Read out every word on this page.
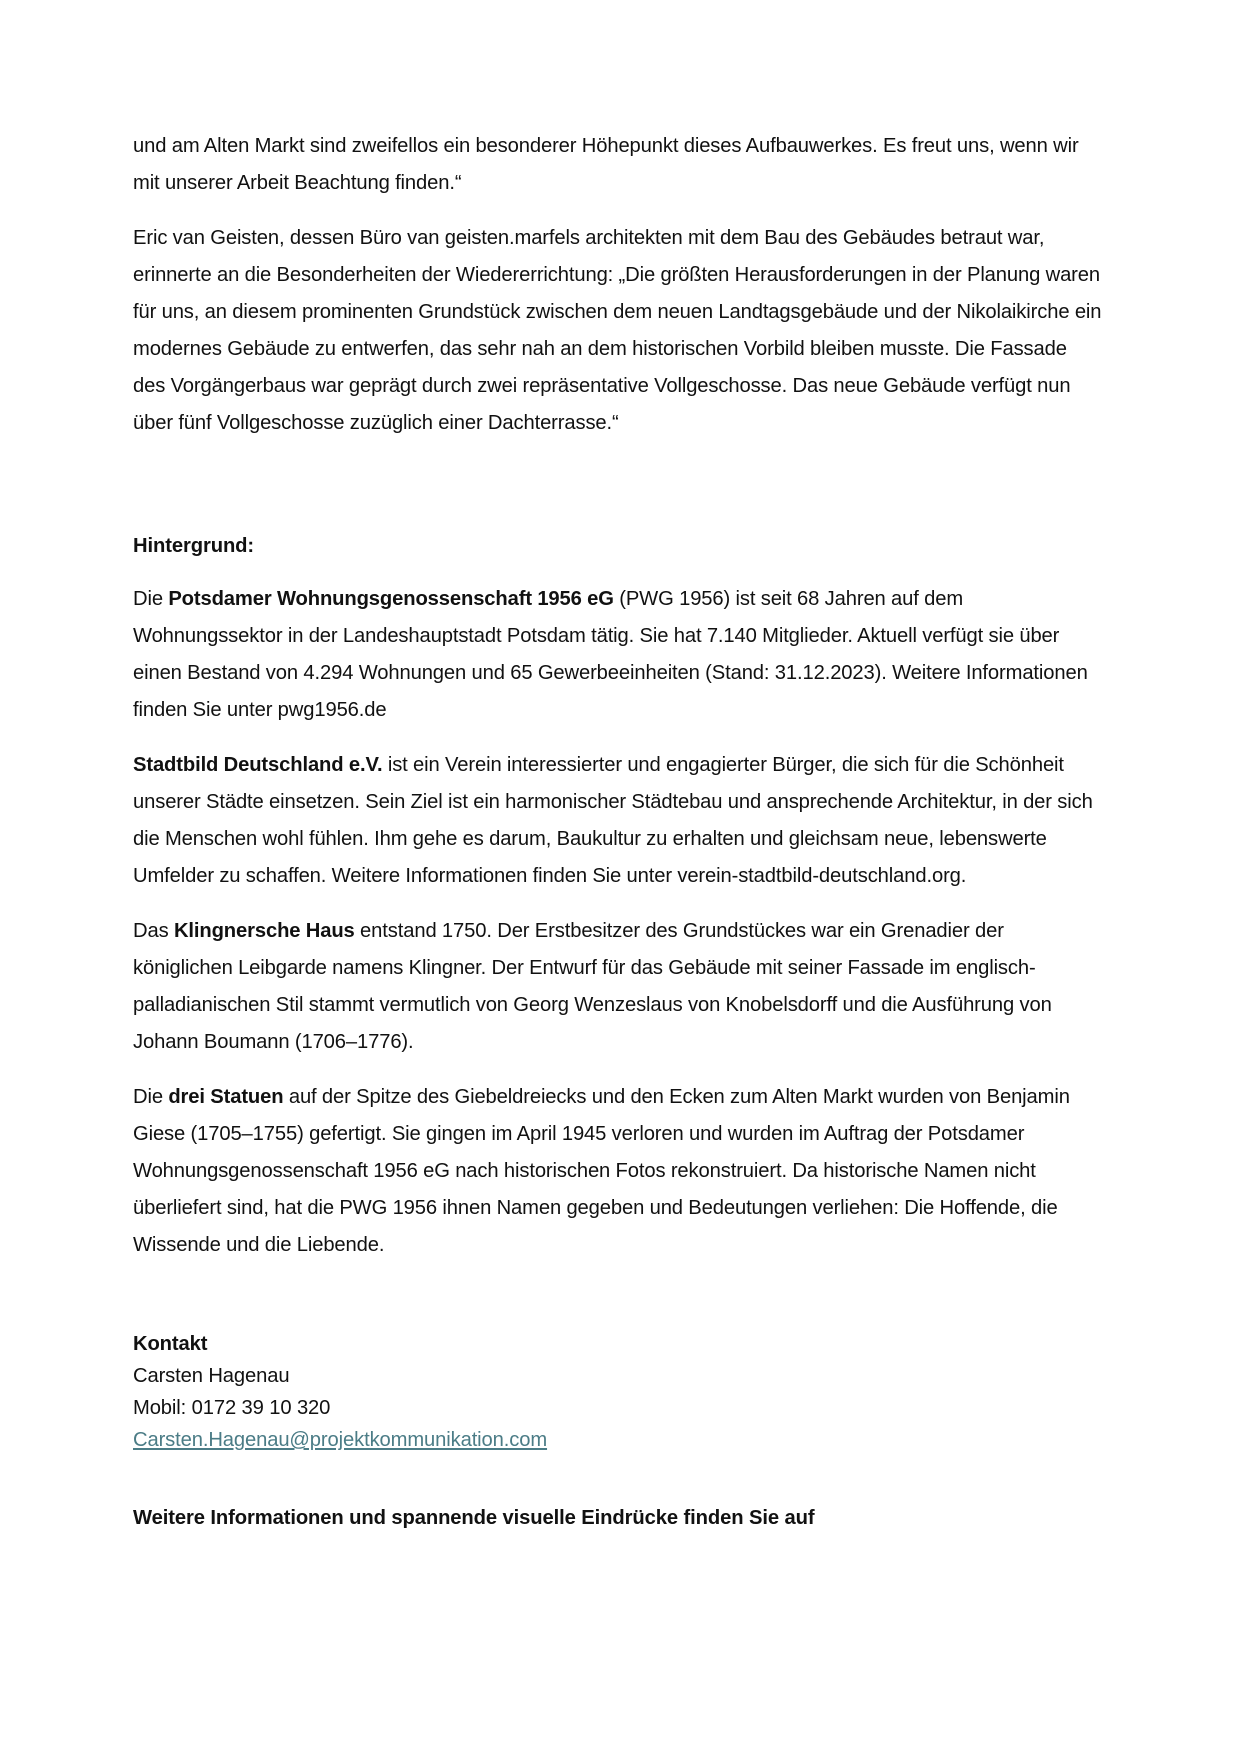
und am Alten Markt sind zweifellos ein besonderer Höhepunkt dieses Aufbauwerkes. Es freut uns, wenn wir mit unserer Arbeit Beachtung finden.“

Eric van Geisten, dessen Büro van geisten.marfels architekten mit dem Bau des Gebäudes betraut war, erinnerte an die Besonderheiten der Wiedererrichtung: „Die größten Herausforderungen in der Planung waren für uns, an diesem prominenten Grundstück zwischen dem neuen Landtagsgebäude und der Nikolaikirche ein modernes Gebäude zu entwerfen, das sehr nah an dem historischen Vorbild bleiben musste. Die Fassade des Vorgängerbaus war geprägt durch zwei repräsentative Vollgeschosse. Das neue Gebäude verfügt nun über fünf Vollgeschosse zuzüglich einer Dachterrasse.“

Hintergrund:

Die Potsdamer Wohnungsgenossenschaft 1956 eG (PWG 1956) ist seit 68 Jahren auf dem Wohnungssektor in der Landeshauptstadt Potsdam tätig. Sie hat 7.140 Mitglieder. Aktuell verfügt sie über einen Bestand von 4.294 Wohnungen und 65 Gewerbeeinheiten (Stand: 31.12.2023). Weitere Informationen finden Sie unter pwg1956.de

Stadtbild Deutschland e.V. ist ein Verein interessierter und engagierter Bürger, die sich für die Schönheit unserer Städte einsetzen. Sein Ziel ist ein harmonischer Städtebau und ansprechende Architektur, in der sich die Menschen wohl fühlen. Ihm gehe es darum, Baukultur zu erhalten und gleichsam neue, lebenswerte Umfelder zu schaffen. Weitere Informationen finden Sie unter verein-stadtbild-deutschland.org.

Das Klingnersche Haus entstand 1750. Der Erstbesitzer des Grundstückes war ein Grenadier der königlichen Leibgarde namens Klingner. Der Entwurf für das Gebäude mit seiner Fassade im englisch-palladianischen Stil stammt vermutlich von Georg Wenzeslaus von Knobelsdorff und die Ausführung von Johann Boumann (1706–1776).

Die drei Statuen auf der Spitze des Giebeldreiecks und den Ecken zum Alten Markt wurden von Benjamin Giese (1705–1755) gefertigt. Sie gingen im April 1945 verloren und wurden im Auftrag der Potsdamer Wohnungsgenossenschaft 1956 eG nach historischen Fotos rekonstruiert. Da historische Namen nicht überliefert sind, hat die PWG 1956 ihnen Namen gegeben und Bedeutungen verliehen: Die Hoffende, die Wissende und die Liebende.

Kontakt

Carsten Hagenau

Mobil: 0172 39 10 320

Carsten.Hagenau@projektkommunikation.com

Weitere Informationen und spannende visuelle Eindrücke finden Sie auf
